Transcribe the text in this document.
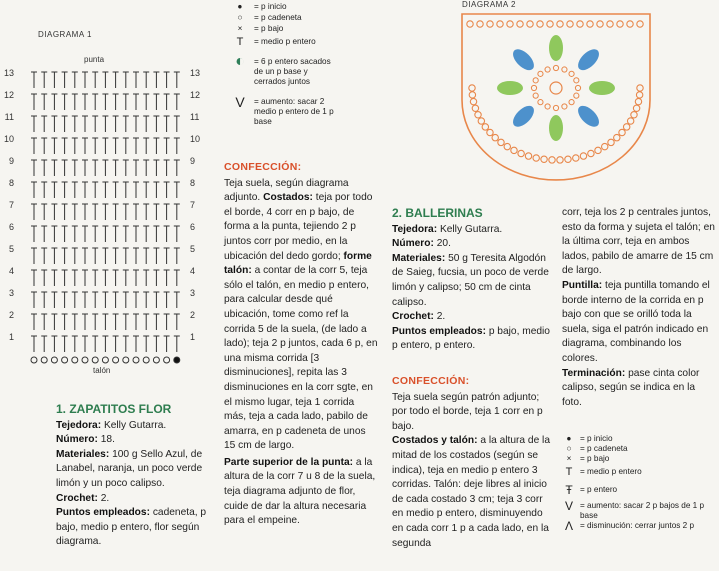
DIAGRAMA 1
punta
13
12
11
10
9
8
7
6
5
4
3
2
1
13
12
11
10
9
8
7
6
5
4
3
2
1
talón
●	= p inicio
○	= p cadeneta
×	= p bajo
T	= medio p entero
◐	= 6 p entero sacados de un p base y cerrados juntos
V	= aumento: sacar 2 medio p entero de 1 p base
DIAGRAMA 2

1. ZAPATITOS FLOR

Tejedora: Kelly Gutarra.

Número: 18.

Materiales: 100 g Sello Azul, de Lanabel, naranja, un poco verde limón y un poco calipso.

Crochet: 2.

Puntos empleados: cadeneta, p bajo, medio p entero, flor según diagrama.

CONFECCIÓN:

Teja suela, según diagrama adjunto. Costados: teja por todo el borde, 4 corr en p bajo, de forma a la punta, tejiendo 2 p juntos corr por medio, en la ubicación del dedo gordo; forme talón: a contar de la corr 5, teja sólo el talón, en medio p entero, para calcular desde qué ubicación, tome como ref la corrida 5 de la suela, (de lado a lado); teja 2 p juntos, cada 6 p, en una misma corrida [3 disminuciones], repita las 3 disminuciones en la corr sgte, en el mismo lugar, teja 1 corrida más, teja a cada lado, pabilo de amarra, en p cadeneta de unos 15 cm de largo.

Parte superior de la punta: a la altura de la corr 7 u 8 de la suela, teja diagrama adjunto de flor, cuide de dar la altura necesaria para el empeine.

2. BALLERINAS

Tejedora: Kelly Gutarra.

Número: 20.

Materiales: 50 g Teresita Algodón de Saieg, fucsia, un poco de verde limón y calipso; 50 cm de cinta calipso.

Crochet: 2.

Puntos empleados: p bajo, medio p entero, p entero.

CONFECCIÓN:

Teja suela según patrón adjunto; por todo el borde, teja 1 corr en p bajo.

Costados y talón: a la altura de la mitad de los costados (según se indica), teja en medio p entero 3 corridas. Talón: deje libres al inicio de cada costado 3 cm; teja 3 corr en medio p entero, disminuyendo en cada corr 1 p a cada lado, en la segunda

corr, teja los 2 p centrales juntos, esto da forma y sujeta el talón; en la última corr, teja en ambos lados, pabilo de amarre de 15 cm de largo.

Puntilla: teja puntilla tomando el borde interno de la corrida en p bajo con que se orilló toda la suela, siga el patrón indicado en diagrama, combinando los colores.

Terminación: pase cinta color calipso, según se indica en la foto.

●	= p inicio
○	= p cadeneta
×	= p bajo
T = medio p entero
Ŧ = p entero
V = aumento: sacar 2 p bajos de 1 p base
Λ = disminución: cerrar juntos 2 p
